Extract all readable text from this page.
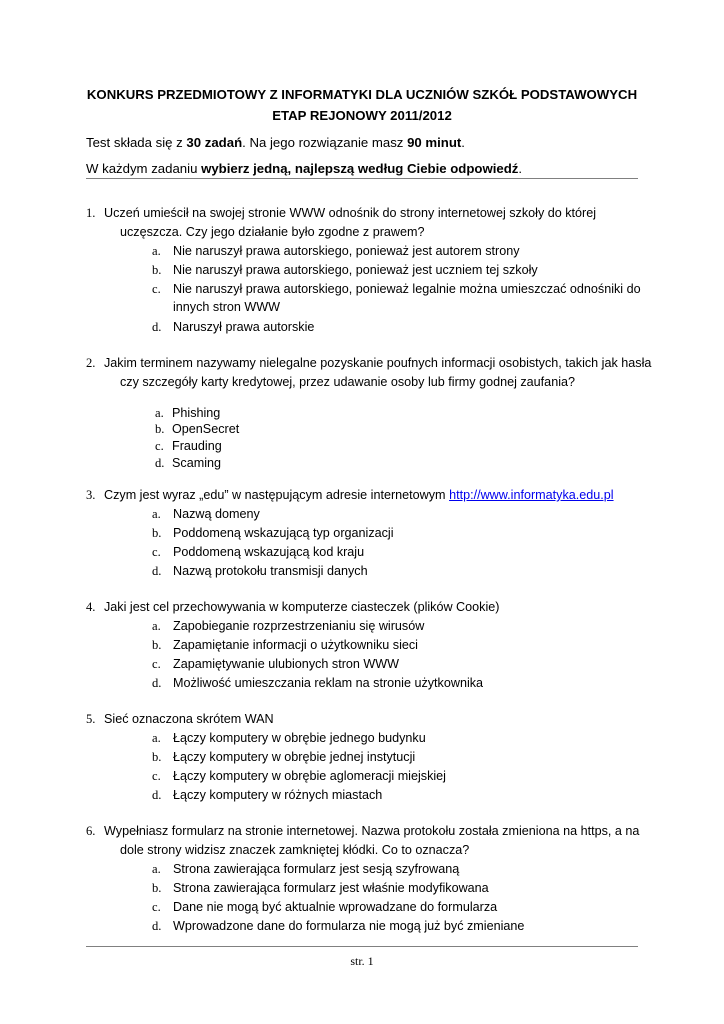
KONKURS PRZEDMIOTOWY Z INFORMATYKI DLA UCZNIÓW SZKÓŁ PODSTAWOWYCH
ETAP REJONOWY 2011/2012
Test składa się z 30 zadań. Na jego rozwiązanie masz 90 minut.
W każdym zadaniu wybierz jedną, najlepszą według Ciebie odpowiedź.
1. Uczeń umieścił na swojej stronie WWW odnośnik do strony internetowej szkoły do której
uczęszcza. Czy jego działanie było zgodne z prawem?
a. Nie naruszył prawa autorskiego, ponieważ jest autorem strony
b. Nie naruszył prawa autorskiego, ponieważ jest uczniem tej szkoły
c. Nie naruszył prawa autorskiego, ponieważ legalnie można umieszczać odnośniki do
innych stron WWW
d. Naruszył prawa autorskie
2. Jakim terminem nazywamy nielegalne pozyskanie poufnych informacji osobistych, takich jak hasła
czy szczegóły karty kredytowej, przez udawanie osoby lub firmy godnej zaufania?
a. Phishing
b. OpenSecret
c. Frauding
d. Scaming
3. Czym jest wyraz „edu” w następującym adresie internetowym http://www.informatyka.edu.pl
a. Nazwą domeny
b. Poddomeną wskazującą typ organizacji
c. Poddomeną wskazującą kod kraju
d. Nazwą protokołu transmisji danych
4. Jaki jest cel przechowywania w komputerze ciasteczek (plików Cookie)
a. Zapobieganie rozprzestrzenianiu się wirusów
b. Zapamiętanie informacji o użytkowniku sieci
c. Zapamiętywanie ulubionych stron WWW
d. Możliwość umieszczania reklam na stronie użytkownika
5. Sieć oznaczona skrótem WAN
a. Łączy komputery w obrębie jednego budynku
b. Łączy komputery w obrębie jednej instytucji
c. Łączy komputery w obrębie aglomeracji miejskiej
d. Łączy komputery w różnych miastach
6. Wypełniasz formularz na stronie internetowej. Nazwa protokołu została zmieniona na https, a na
dole strony widzisz znaczek zamkniętej kłódki. Co to oznacza?
a. Strona zawierająca formularz jest sesją szyfrowaną
b. Strona zawierająca formularz jest właśnie modyfikowana
c. Dane nie mogą być aktualnie wprowadzane do formularza
d. Wprowadzone dane do formularza nie mogą już być zmieniane
str. 1
